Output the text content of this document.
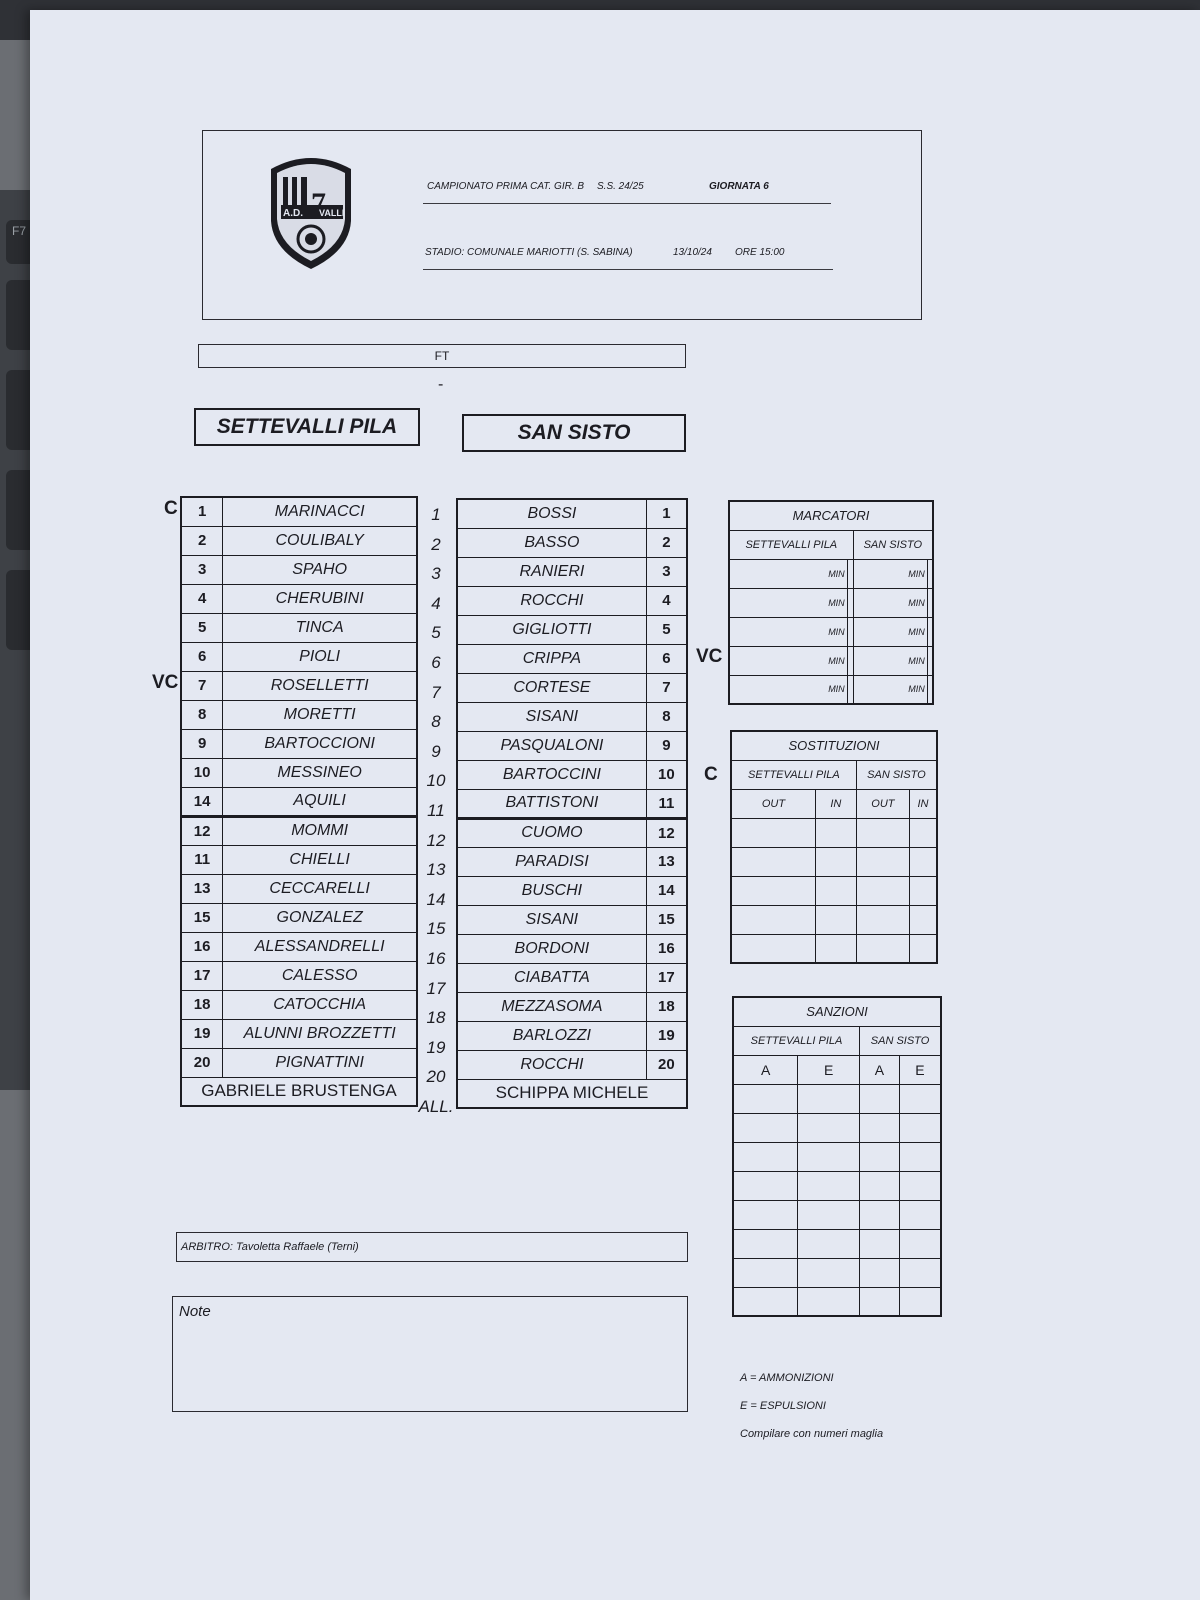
F7
A.D. 7
VALLI
CAMPIONATO PRIMA CAT. GIR. B S.S. 24/25	GIORNATA 6
STADIO: COMUNALE MARIOTTI (S. SABINA)	13/10/24 ORE 15:00
FT
-
SETTEVALLI PILA	SAN SISTO
C
VC
VC
C
1	MARINACCI
2	COULIBALY
3	SPAHO
4	CHERUBINI
5	TINCA
6	PIOLI
7	ROSELLETTI
8	MORETTI
9	BARTOCCIONI
10	MESSINEO
14	AQUILI
12	MOMMI
11	CHIELLI
13	CECCARELLI
15	GONZALEZ
16	ALESSANDRELLI
17	CALESSO
18	CATOCCHIA
19	ALUNNI BROZZETTI
20	PIGNATTINI
GABRIELE BRUSTENGA	
1
2
3
4
5
6
7
8
9
10
11
12
13
14
15
16
17
18
19
20
ALL.
BOSSI	1
BASSO	2
RANIERI	3
ROCCHI	4
GIGLIOTTI	5
CRIPPA	6
CORTESE	7
SISANI	8
PASQUALONI	9
BARTOCCINI	10
BATTISTONI	11
CUOMO	12
PARADISI	13
BUSCHI	14
SISANI	15
BORDONI	16
CIABATTA	17
MEZZASOMA	18
BARLOZZI	19
ROCCHI	20
SCHIPPA MICHELE	
MARCATORI			
SETTEVALLI PILA		SAN SISTO	
MIN		MIN	
MIN		MIN	
MIN		MIN	
MIN		MIN	
MIN		MIN	
SOSTITUZIONI			
SETTEVALLI PILA		SAN SISTO	
OUT	IN	OUT	IN

SANZIONI			
SETTEVALLI PILA		SAN SISTO	
A	E	A	E

ARBITRO: Tavoletta Raffaele (Terni)
Note
A = AMMONIZIONI
E = ESPULSIONI
Compilare con numeri maglia
